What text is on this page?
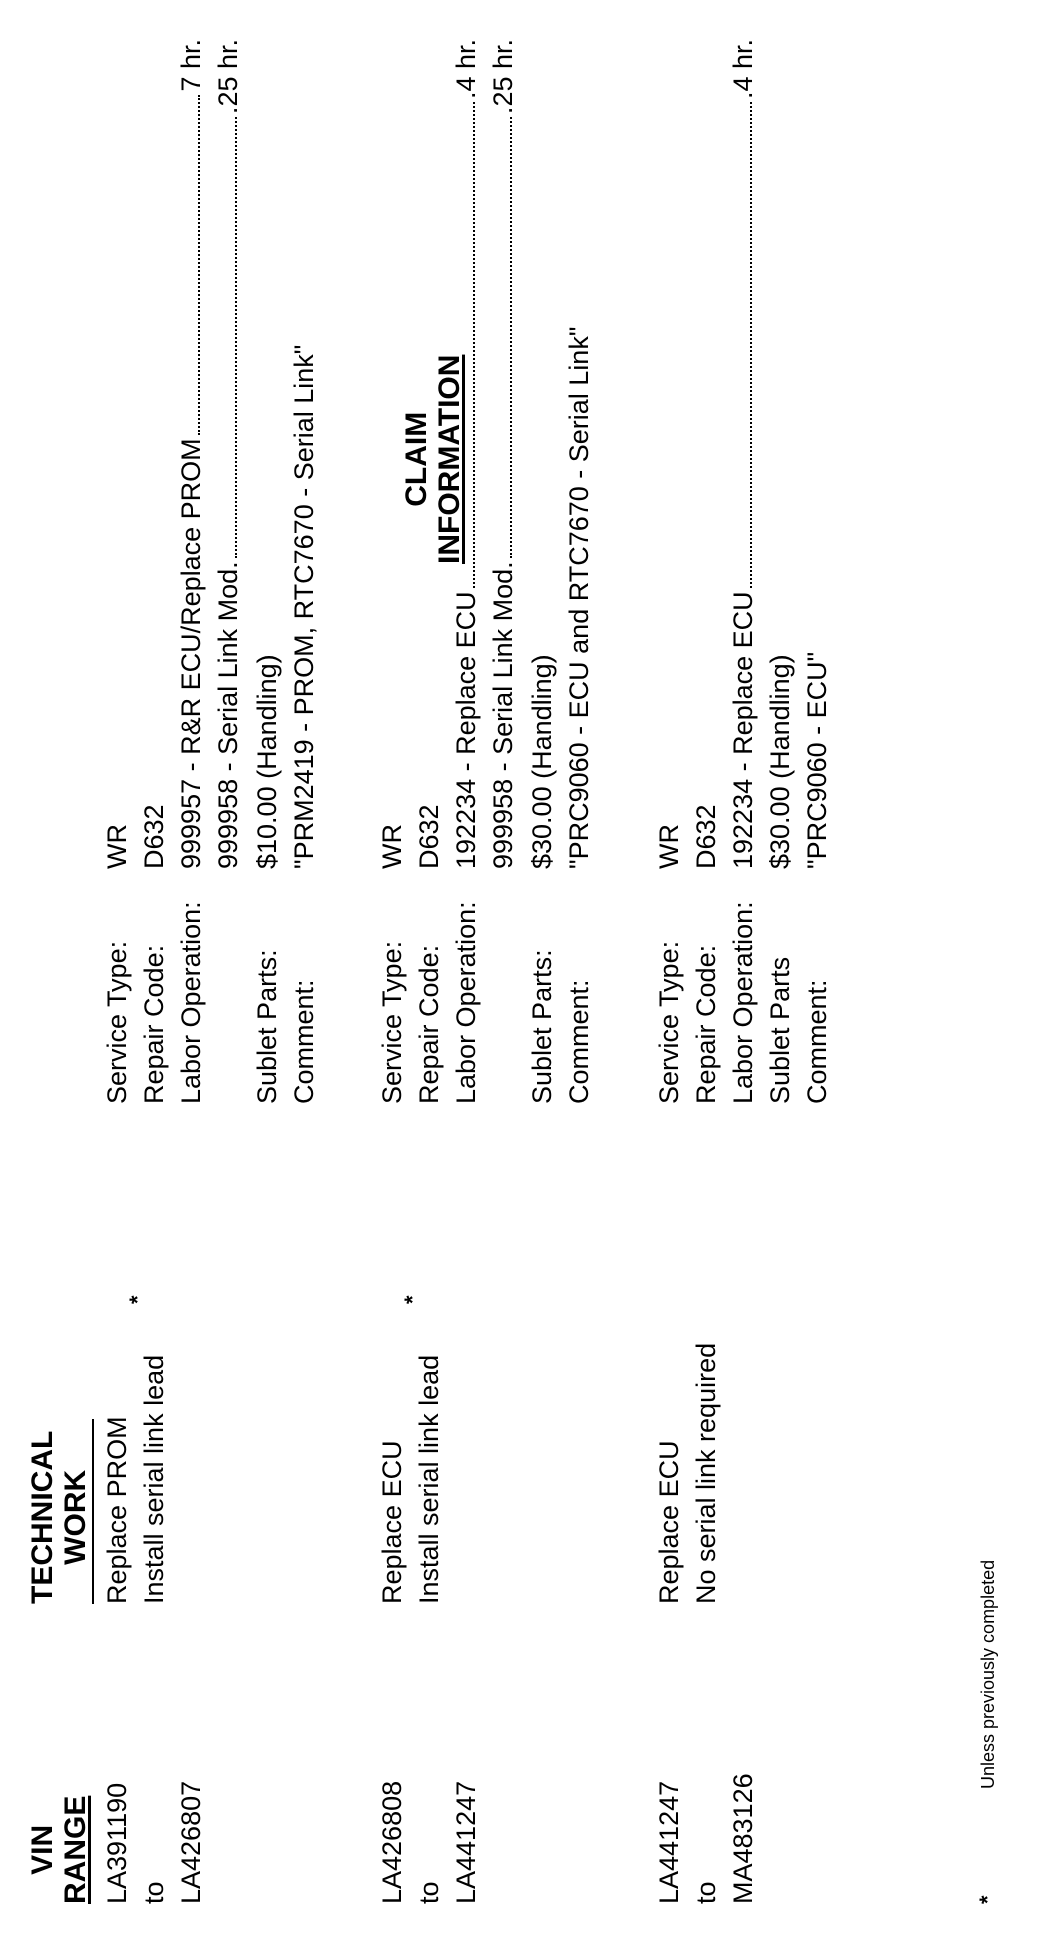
VIN RANGE
TECHNICAL WORK
CLAIM INFORMATION
LA391190 to LA426807
Replace PROM Install serial link lead
*
Service Type: Repair Code: Labor Operation: Sublet Parts: Comment:
WR D632 999957 - R&R ECU/Replace PROM
7 hr.
999958 - Serial Link Mod.
.25 hr.
$10.00 (Handling) "PRM2419 - PROM, RTC7670 - Serial Link"
LA426808 to LA441247
Replace ECU Install serial link lead
*
Service Type: Repair Code: Labor Operation: Sublet Parts: Comment:
WR D632 192234 - Replace ECU
.4 hr.
999958 - Serial Link Mod.
.25 hr.
$30.00 (Handling) "PRC9060 - ECU and RTC7670 - Serial Link"
LA441247 to MA483126
Replace ECU No serial link required
Service Type: Repair Code: Labor Operation: Sublet Parts Comment:
WR D632 192234 - Replace ECU
.4 hr.
$30.00 (Handling) "PRC9060 - ECU"
*
Unless previously completed
